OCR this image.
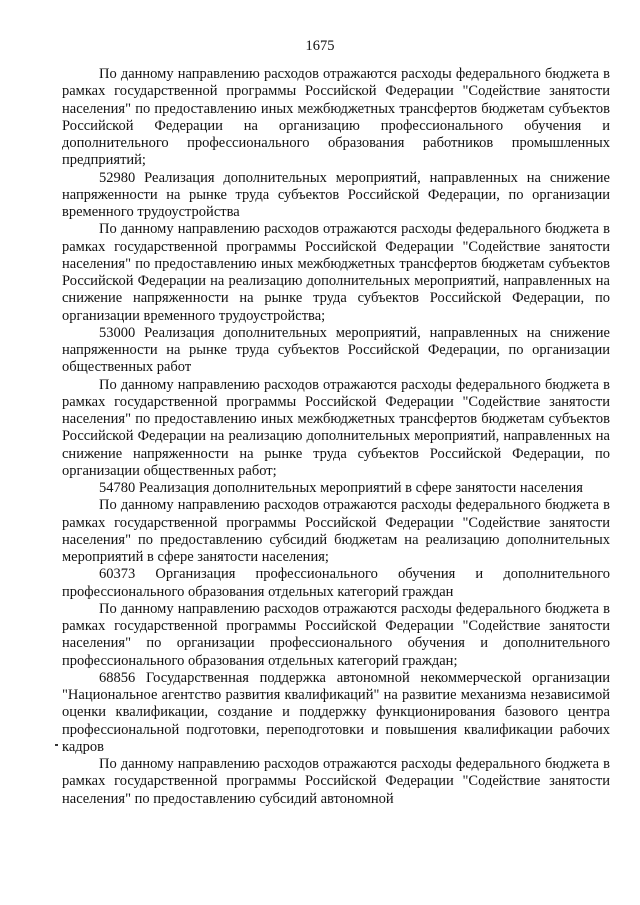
1675

По данному направлению расходов отражаются расходы федерального бюджета в рамках государственной программы Российской Федерации "Содействие занятости населения" по предоставлению иных межбюджетных трансфертов бюджетам субъектов Российской Федерации на организацию профессионального обучения и дополнительного профессионального образования работников промышленных предприятий;

52980 Реализация дополнительных мероприятий, направленных на снижение напряженности на рынке труда субъектов Российской Федерации, по организации временного трудоустройства

По данному направлению расходов отражаются расходы федерального бюджета в рамках государственной программы Российской Федерации "Содействие занятости населения" по предоставлению иных межбюджетных трансфертов бюджетам субъектов Российской Федерации на реализацию дополнительных мероприятий, направленных на снижение напряженности на рынке труда субъектов Российской Федерации, по организации временного трудоустройства;

53000 Реализация дополнительных мероприятий, направленных на снижение напряженности на рынке труда субъектов Российской Федерации, по организации общественных работ

По данному направлению расходов отражаются расходы федерального бюджета в рамках государственной программы Российской Федерации "Содействие занятости населения" по предоставлению иных межбюджетных трансфертов бюджетам субъектов Российской Федерации на реализацию дополнительных мероприятий, направленных на снижение напряженности на рынке труда субъектов Российской Федерации, по организации общественных работ;

54780 Реализация дополнительных мероприятий в сфере занятости населения

По данному направлению расходов отражаются расходы федерального бюджета в рамках государственной программы Российской Федерации "Содействие занятости населения" по предоставлению субсидий бюджетам на реализацию дополнительных мероприятий в сфере занятости населения;

60373 Организация профессионального обучения и дополнительного профессионального образования отдельных категорий граждан

По данному направлению расходов отражаются расходы федерального бюджета в рамках государственной программы Российской Федерации "Содействие занятости населения" по организации профессионального обучения и дополнительного профессионального образования отдельных категорий граждан;

68856 Государственная поддержка автономной некоммерческой организации "Национальное агентство развития квалификаций" на развитие механизма независимой оценки квалификации, создание и поддержку функционирования базового центра профессиональной подготовки, переподготовки и повышения квалификации рабочих кадров

По данному направлению расходов отражаются расходы федерального бюджета в рамках государственной программы Российской Федерации "Содействие занятости населения" по предоставлению субсидий автономной
